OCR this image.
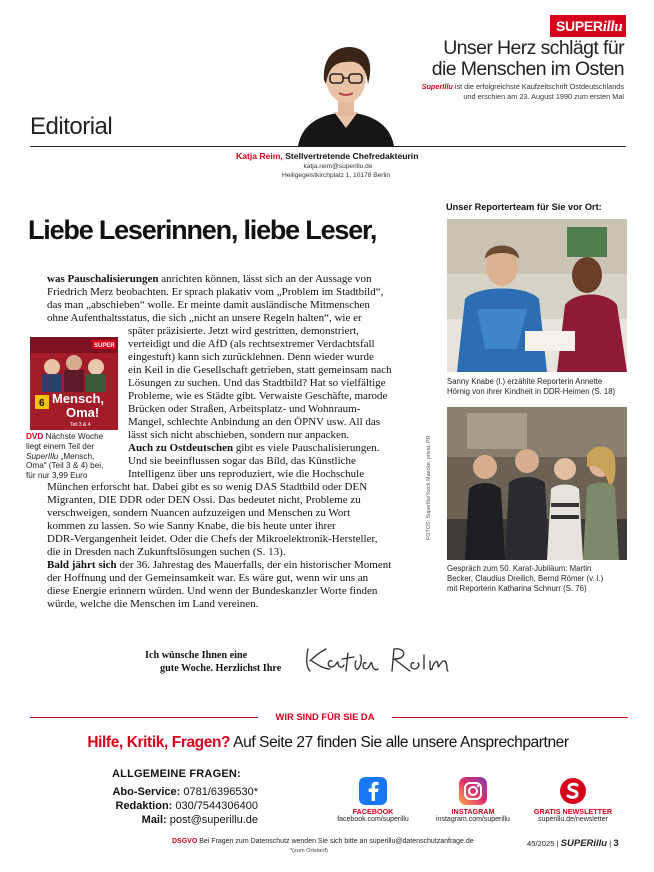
SUPERillu
Unser Herz schlägt für
die Menschen im Osten
SuperIllu ist die erfolgreichste Kaufzeitschrift Ostdeutschlands
und erschien am 23. August 1990 zum ersten Mal
Editorial
Katja Reim, Stellvertretende Chefredakteurin
katja.reim@superillu.de
Heiligegeistkirchplatz 1, 10178 Berlin
Liebe Leserinnen, liebe Leser,
was Pauschalisierungen anrichten können, lässt sich an der Aussage von
Friedrich Merz beobachten. Er sprach plakativ vom „Problem im Stadtbild“,
das man „abschieben“ wolle. Er meinte damit ausländische Mitmenschen
ohne Aufenthaltsstatus, die sich „nicht an unsere Regeln halten“, wie er
später präzisierte. Jetzt wird gestritten, demonstriert,
verteidigt und die AfD (als rechtsextremer Verdachtsfall
eingestuft) kann sich zurücklehnen. Denn wieder wurde
ein Keil in die Gesellschaft getrieben, statt gemeinsam nach
Lösungen zu suchen. Und das Stadtbild? Hat so vielfältige
Probleme, wie es Städte gibt. Verwaiste Geschäfte, marode
Brücken oder Straßen, Arbeitsplatz- und Wohnraum-
Mangel, schlechte Anbindung an den ÖPNV usw. All das
lässt sich nicht abschieben, sondern nur anpacken.
Auch zu Ostdeutschen gibt es viele Pauschalisierungen.
Und sie beeinflussen sogar das Bild, das Künstliche
Intelligenz über uns reproduziert, wie die Hochschule
München erforscht hat. Dabei gibt es so wenig DAS Stadtbild oder DEN
Migranten, DIE DDR oder DEN Ossi. Das bedeutet nicht, Probleme zu
verschweigen, sondern Nuancen aufzuzeigen und Menschen zu Wort
kommen zu lassen. So wie Sanny Knabe, die bis heute unter ihrer
DDR-Vergangenheit leidet. Oder die Chefs der Mikroelektronik-Hersteller,
die in Dresden nach Zukunftslösungen suchen (S. 13).
Bald jährt sich der 36. Jahrestag des Mauerfalls, der ein historischer Moment
der Hoffnung und der Gemeinsamkeit war. Es wäre gut, wenn wir uns an
diese Energie erinnern würden. Und wenn der Bundeskanzler Worte finden
würde, welche die Menschen im Land vereinen.
SUPER
Mensch,
Oma!
Teil 3 & 4
6
DVD Nächste Woche
liegt einem Teil der
SuperIllu „Mensch,
Oma“ (Teil 3 & 4) bei,
für nur 3,99 Euro
Unser Reporterteam für Sie vor Ort:
Sanny Knabe (l.) erzählte Reporterin Annette
Hörnig von ihrer Kindheit in DDR-Heimen (S. 18)
Gespräch zum 50. Karat-Jubiläum: Martin
Becker, Claudius Dreilich, Bernd Römer (v. l.)
mit Reporterin Katharina Schnurr (S. 76)
FOTOS: SuperIllu/Yorck Maecke, privat, PR
Ich wünsche Ihnen eine
gute Woche. Herzlichst Ihre
WIR SIND FÜR SIE DA
Hilfe, Kritik, Fragen? Auf Seite 27 finden Sie alle unsere Ansprechpartner
ALLGEMEINE FRAGEN:
Abo-Service: 0781/6396530*
Redaktion: 030/7544306400
Mail: post@superillu.de
FACEBOOK
facebook.com/superillu
INSTAGRAM
instagram.com/superillu
GRATIS NEWSLETTER
superillu.de/newsletter
DSGVO Bei Fragen zum Datenschutz wenden Sie sich bitte an superillu@datenschutzanfrage.de
*(zum Ortstarif)
45/2025 | SUPERillu | 3
